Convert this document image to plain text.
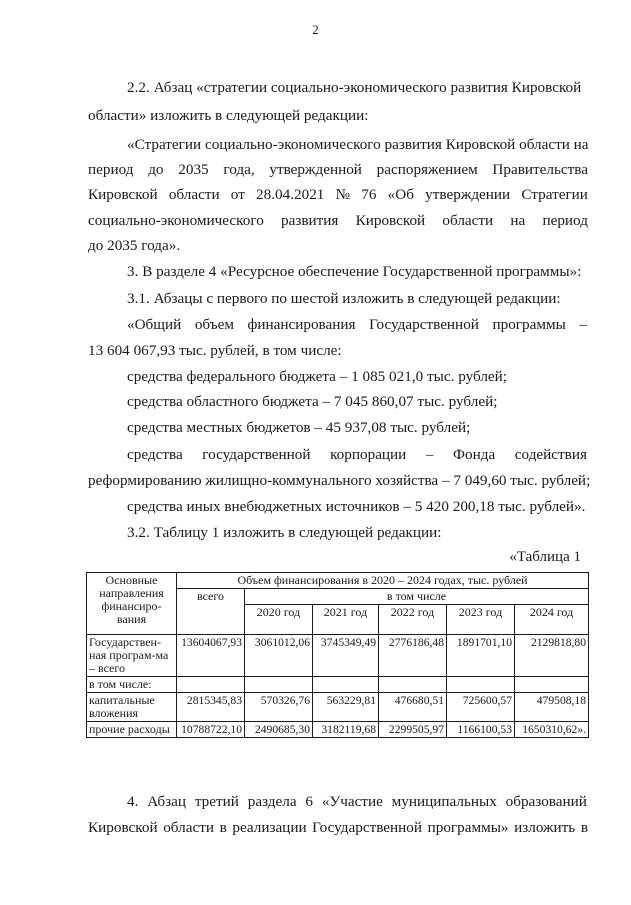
2
2.2. Абзац «стратегии социально-экономического развития Кировской
области» изложить в следующей редакции:
«Стратегии социально-экономического развития Кировской области на
период до 2035 года, утвержденной распоряжением Правительства
Кировской области от 28.04.2021 № 76 «Об утверждении Стратегии
социально-экономического развития Кировской области на период
до 2035 года».
3. В разделе 4 «Ресурсное обеспечение Государственной программы»:
3.1. Абзацы с первого по шестой изложить в следующей редакции:
«Общий объем финансирования Государственной программы –
13 604 067,93 тыс. рублей, в том числе:
средства федерального бюджета – 1 085 021,0 тыс. рублей;
средства областного бюджета – 7 045 860,07 тыс. рублей;
средства местных бюджетов – 45 937,08 тыс. рублей;
средства государственной корпорации – Фонда содействия
реформированию жилищно-коммунального хозяйства – 7 049,60 тыс. рублей;
средства иных внебюджетных источников – 5 420 200,18 тыс. рублей».
3.2. Таблицу 1 изложить в следующей редакции:
«Таблица 1
Основные направления финансиро-вания	Объем финансирования в 2020 – 2024 годах, тыс. рублей					
	всего	в том числе				
		2020 год	2021 год	2022 год	2023 год	2024 год
Государствен-ная програм-ма – всего	13604067,93	3061012,06	3745349,49	2776186,48	1891701,10	2129818,80
в том числе:						
капитальные вложения	2815345,83	570326,76	563229,81	476680,51	725600,57	479508,18
прочие расходы	10788722,10	2490685,30	3182119,68	2299505,97	1166100,53	1650310,62».
4. Абзац третий раздела 6 «Участие муниципальных образований
Кировской области в реализации Государственной программы» изложить в
